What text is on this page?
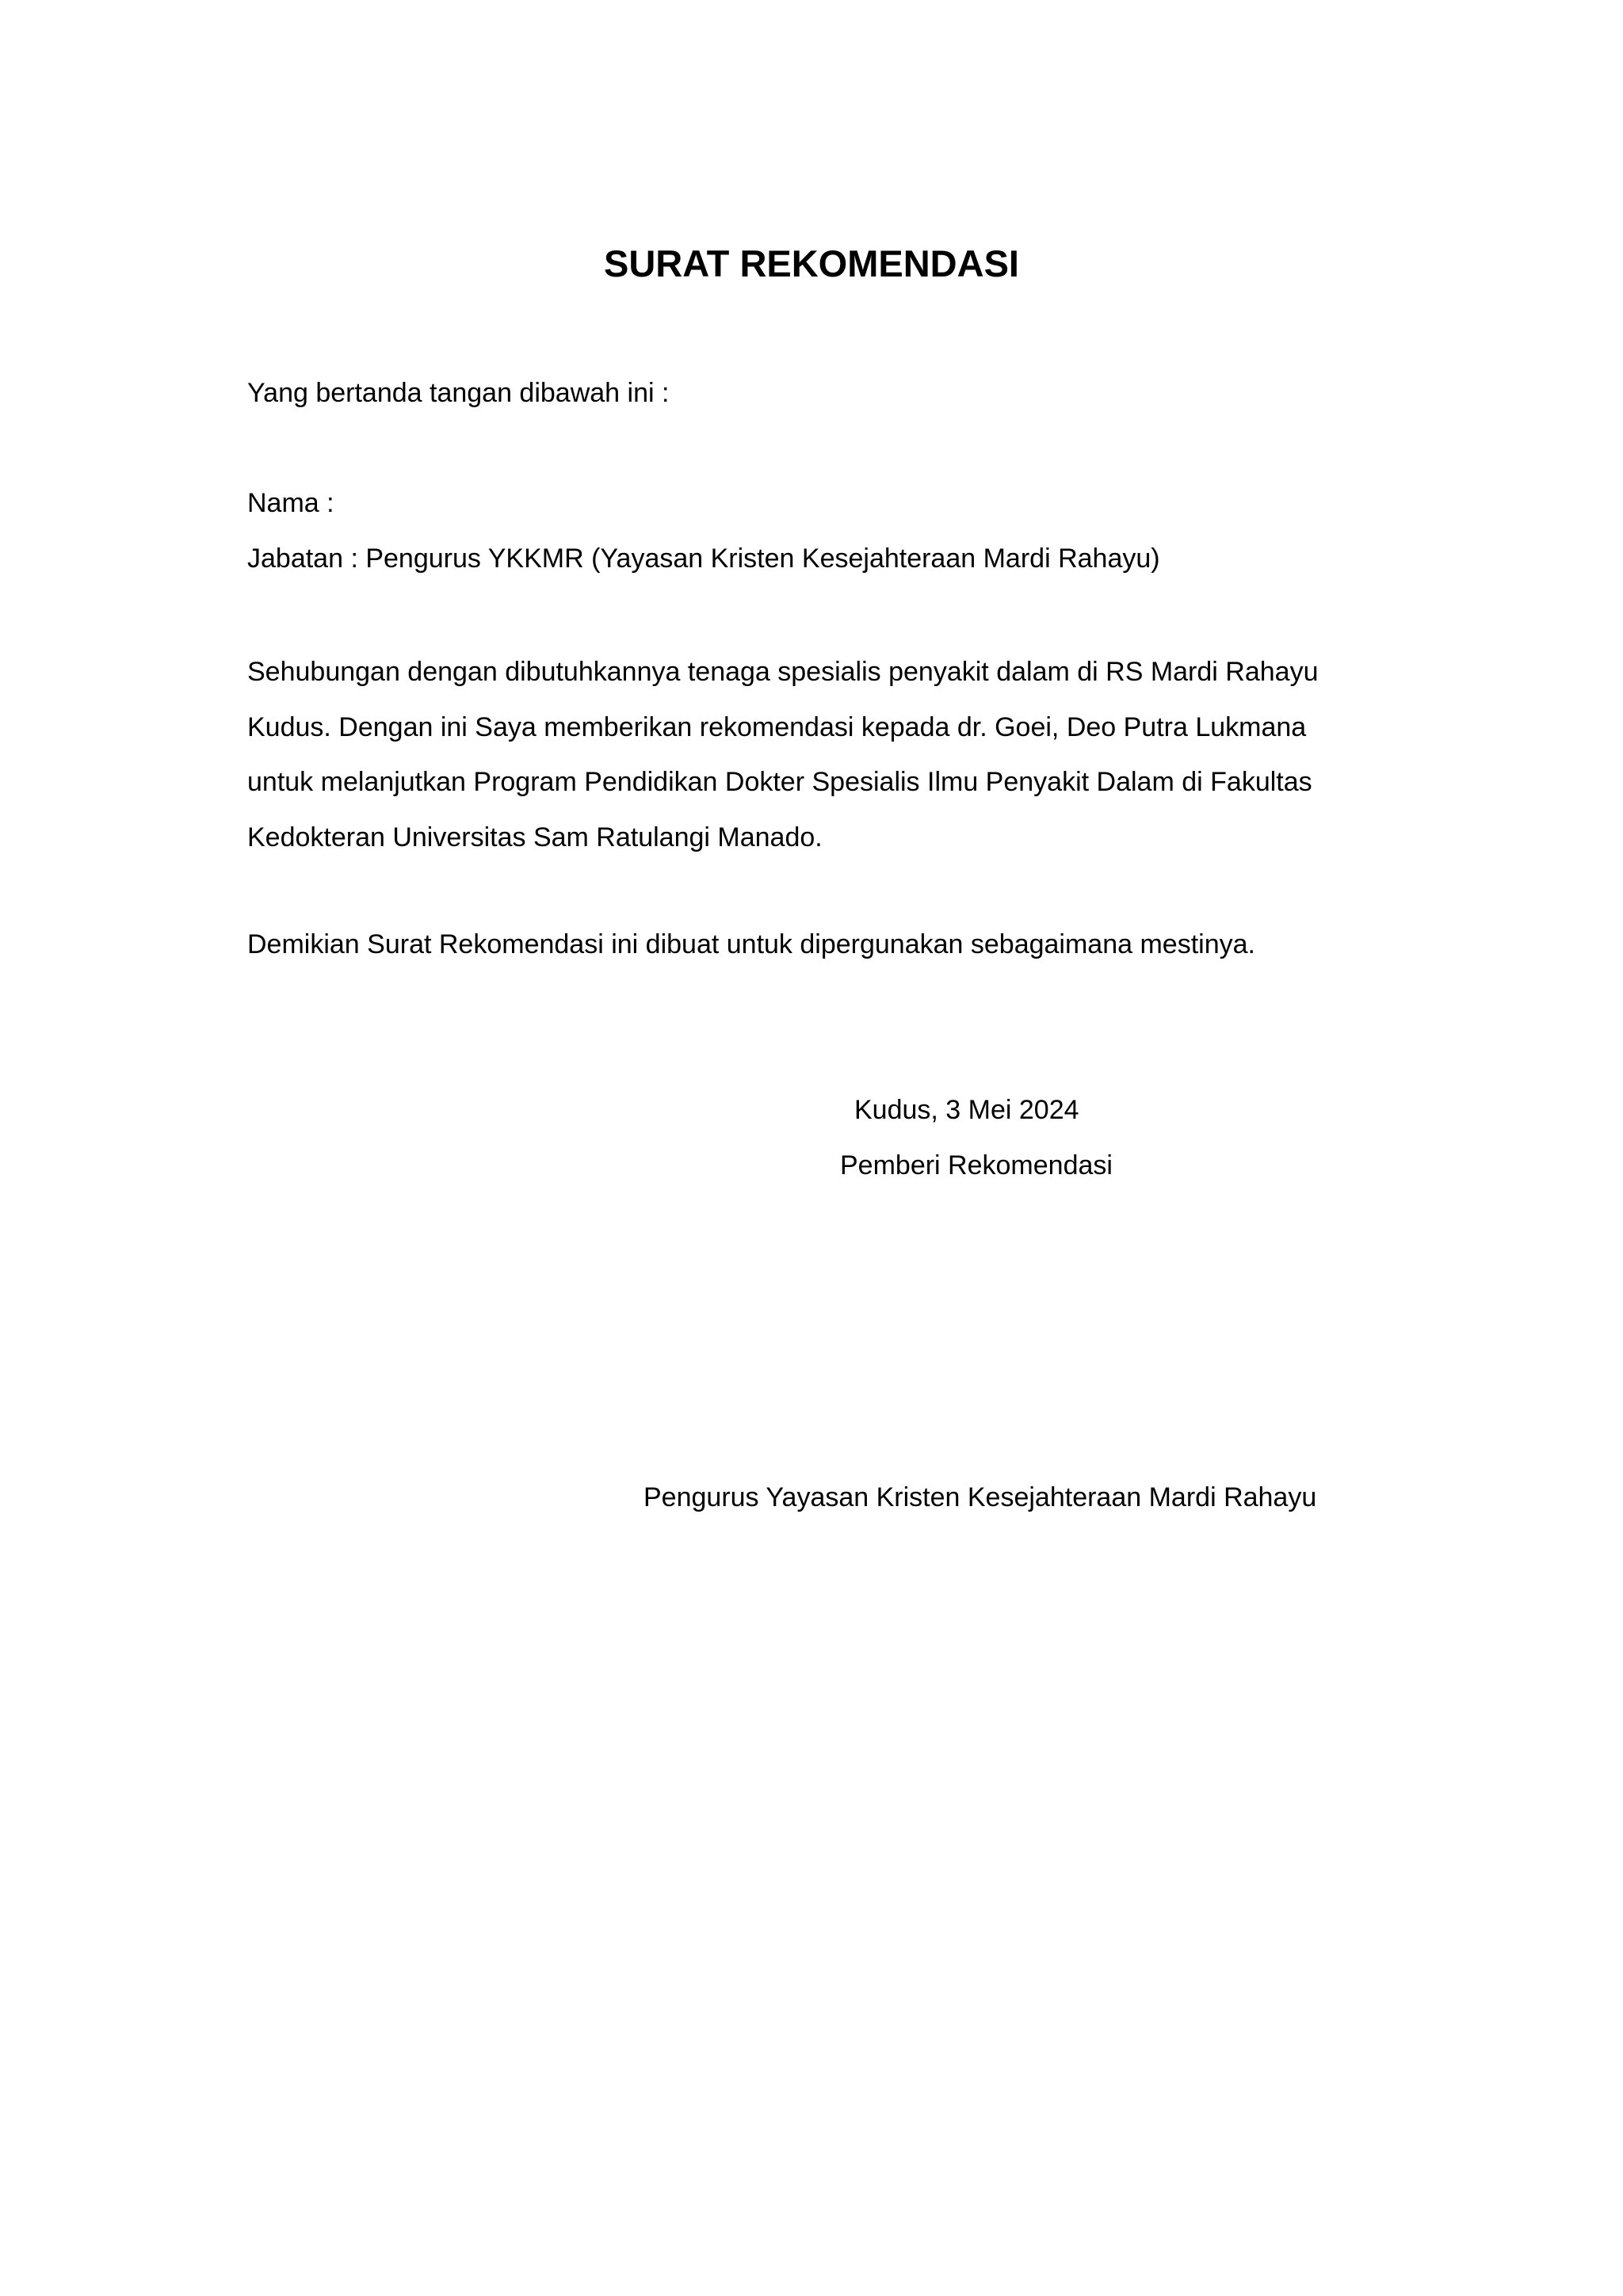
SURAT REKOMENDASI
Yang bertanda tangan dibawah ini :
Nama :
Jabatan : Pengurus YKKMR (Yayasan Kristen Kesejahteraan Mardi Rahayu)
Sehubungan dengan dibutuhkannya tenaga spesialis penyakit dalam di RS Mardi Rahayu
Kudus. Dengan ini Saya memberikan rekomendasi kepada dr. Goei, Deo Putra Lukmana
untuk melanjutkan Program Pendidikan Dokter Spesialis Ilmu Penyakit Dalam di Fakultas
Kedokteran Universitas Sam Ratulangi Manado.
Demikian Surat Rekomendasi ini dibuat untuk dipergunakan sebagaimana mestinya.
Kudus, 3 Mei 2024
Pemberi Rekomendasi
Pengurus Yayasan Kristen Kesejahteraan Mardi Rahayu
